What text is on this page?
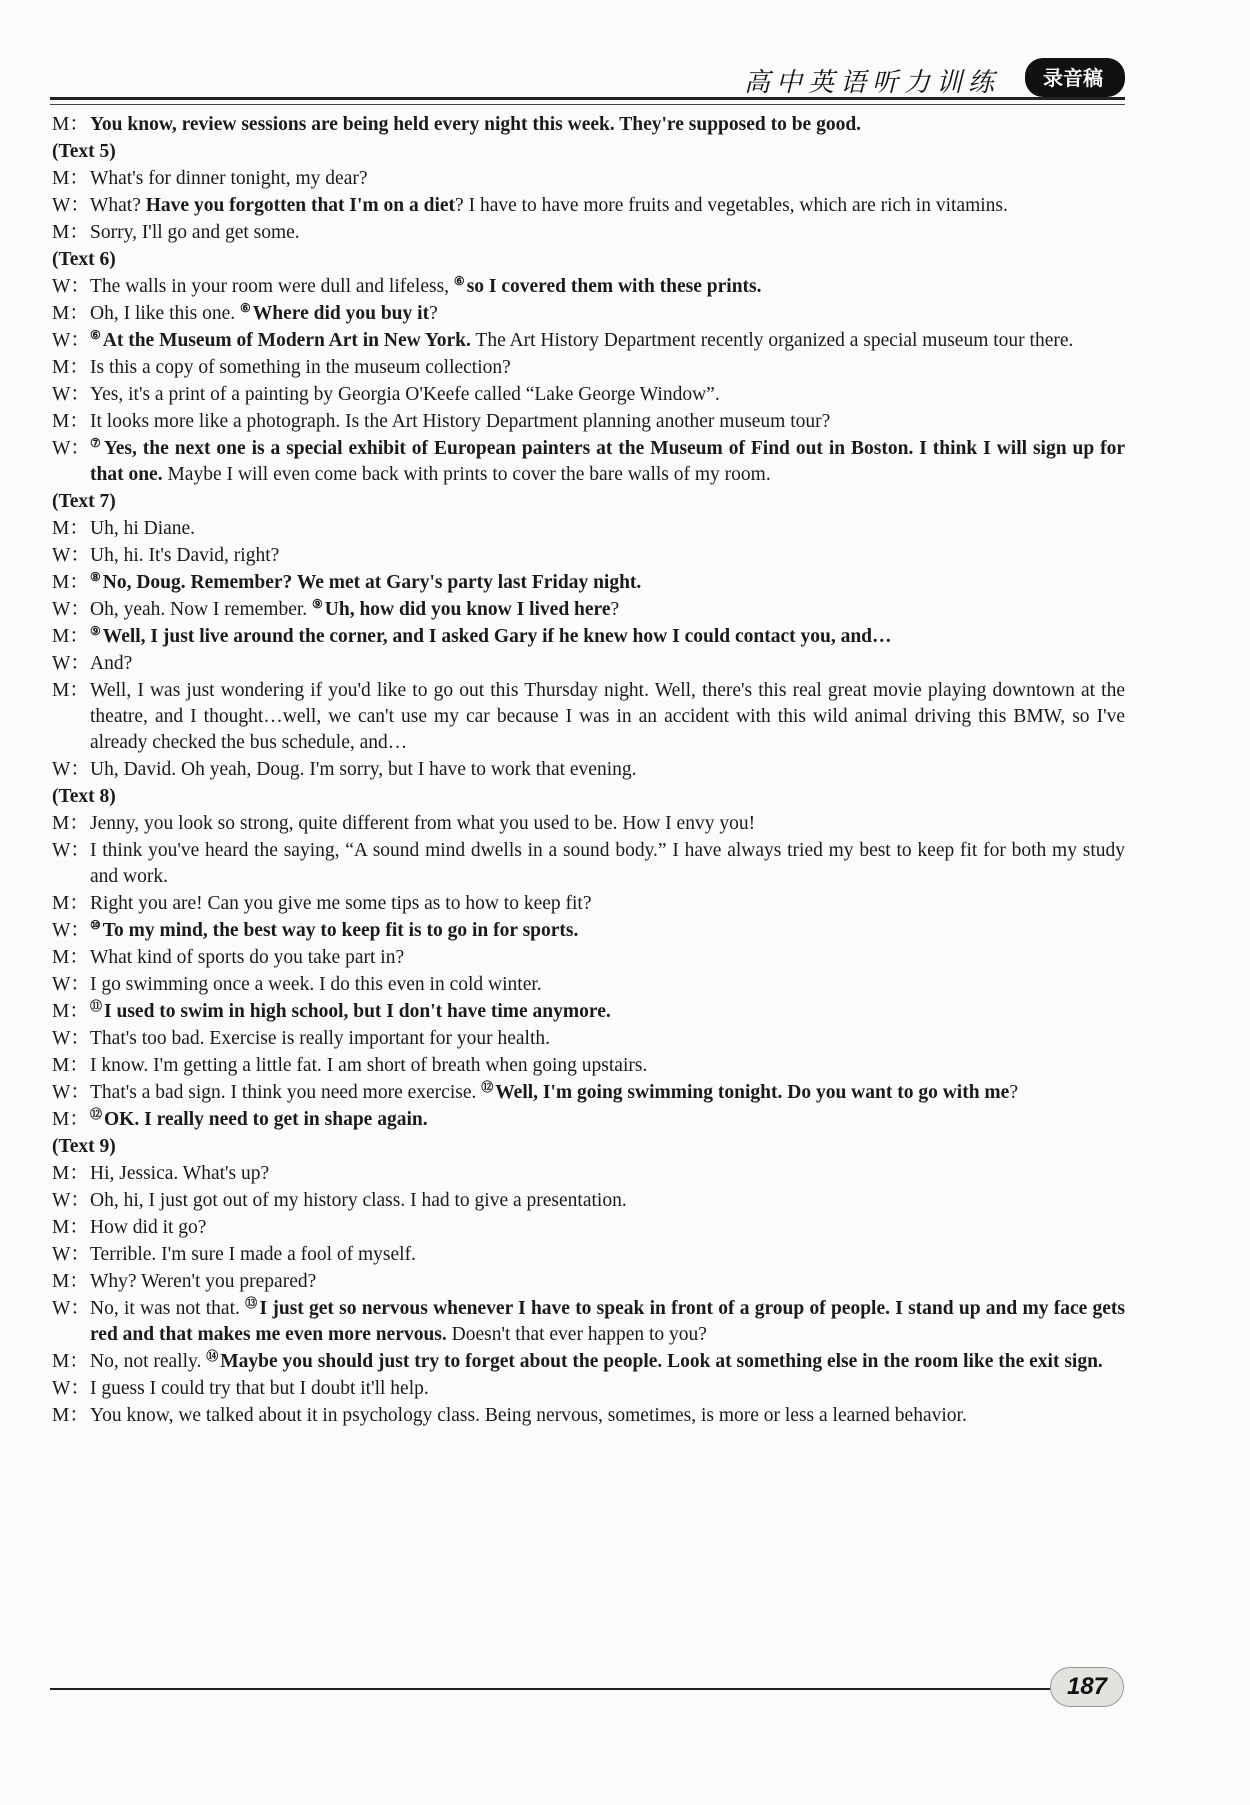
高中英语听力训练	录音稿
M： You know, review sessions are being held every night this week. They're supposed to be good.
(Text 5)
M： What's for dinner tonight, my dear?
W： What? Have you forgotten that I'm on a diet? I have to have more fruits and vegetables, which are rich in vitamins.
M： Sorry, I'll go and get some.
(Text 6)
W： The walls in your room were dull and lifeless, ⑥ so I covered them with these prints.
M： Oh, I like this one. ⑥ Where did you buy it?
W： ⑥ At the Museum of Modern Art in New York. The Art History Department recently organized a special museum tour there.
M： Is this a copy of something in the museum collection?
W： Yes, it's a print of a painting by Georgia O'Keefe called “Lake George Window”.
M： It looks more like a photograph. Is the Art History Department planning another museum tour?
W： ⑦ Yes, the next one is a special exhibit of European painters at the Museum of Find out in Boston. I think I will sign up for that one. Maybe I will even come back with prints to cover the bare walls of my room.
(Text 7)
M： Uh, hi Diane.
W： Uh, hi. It's David, right?
M： ⑧ No, Doug. Remember? We met at Gary's party last Friday night.
W： Oh, yeah. Now I remember. ⑨ Uh, how did you know I lived here?
M： ⑨ Well, I just live around the corner, and I asked Gary if he knew how I could contact you, and…
W： And?
M： Well, I was just wondering if you'd like to go out this Thursday night. Well, there's this real great movie playing downtown at the theatre, and I thought…well, we can't use my car because I was in an accident with this wild animal driving this BMW, so I've already checked the bus schedule, and…
W： Uh, David. Oh yeah, Doug. I'm sorry, but I have to work that evening.
(Text 8)
M： Jenny, you look so strong, quite different from what you used to be. How I envy you!
W： I think you've heard the saying, “A sound mind dwells in a sound body.” I have always tried my best to keep fit for both my study and work.
M： Right you are! Can you give me some tips as to how to keep fit?
W： ⑩ To my mind, the best way to keep fit is to go in for sports.
M： What kind of sports do you take part in?
W： I go swimming once a week. I do this even in cold winter.
M： ⑪ I used to swim in high school, but I don't have time anymore.
W： That's too bad. Exercise is really important for your health.
M： I know. I'm getting a little fat. I am short of breath when going upstairs.
W： That's a bad sign. I think you need more exercise. ⑫ Well, I'm going swimming tonight. Do you want to go with me?
M： ⑫ OK. I really need to get in shape again.
(Text 9)
M： Hi, Jessica. What's up?
W： Oh, hi, I just got out of my history class. I had to give a presentation.
M： How did it go?
W： Terrible. I'm sure I made a fool of myself.
M： Why? Weren't you prepared?
W： No, it was not that. ⑬ I just get so nervous whenever I have to speak in front of a group of people. I stand up and my face gets red and that makes me even more nervous. Doesn't that ever happen to you?
M： No, not really. ⑭ Maybe you should just try to forget about the people. Look at something else in the room like the exit sign.
W： I guess I could try that but I doubt it'll help.
M： You know, we talked about it in psychology class. Being nervous, sometimes, is more or less a learned behavior.
187
